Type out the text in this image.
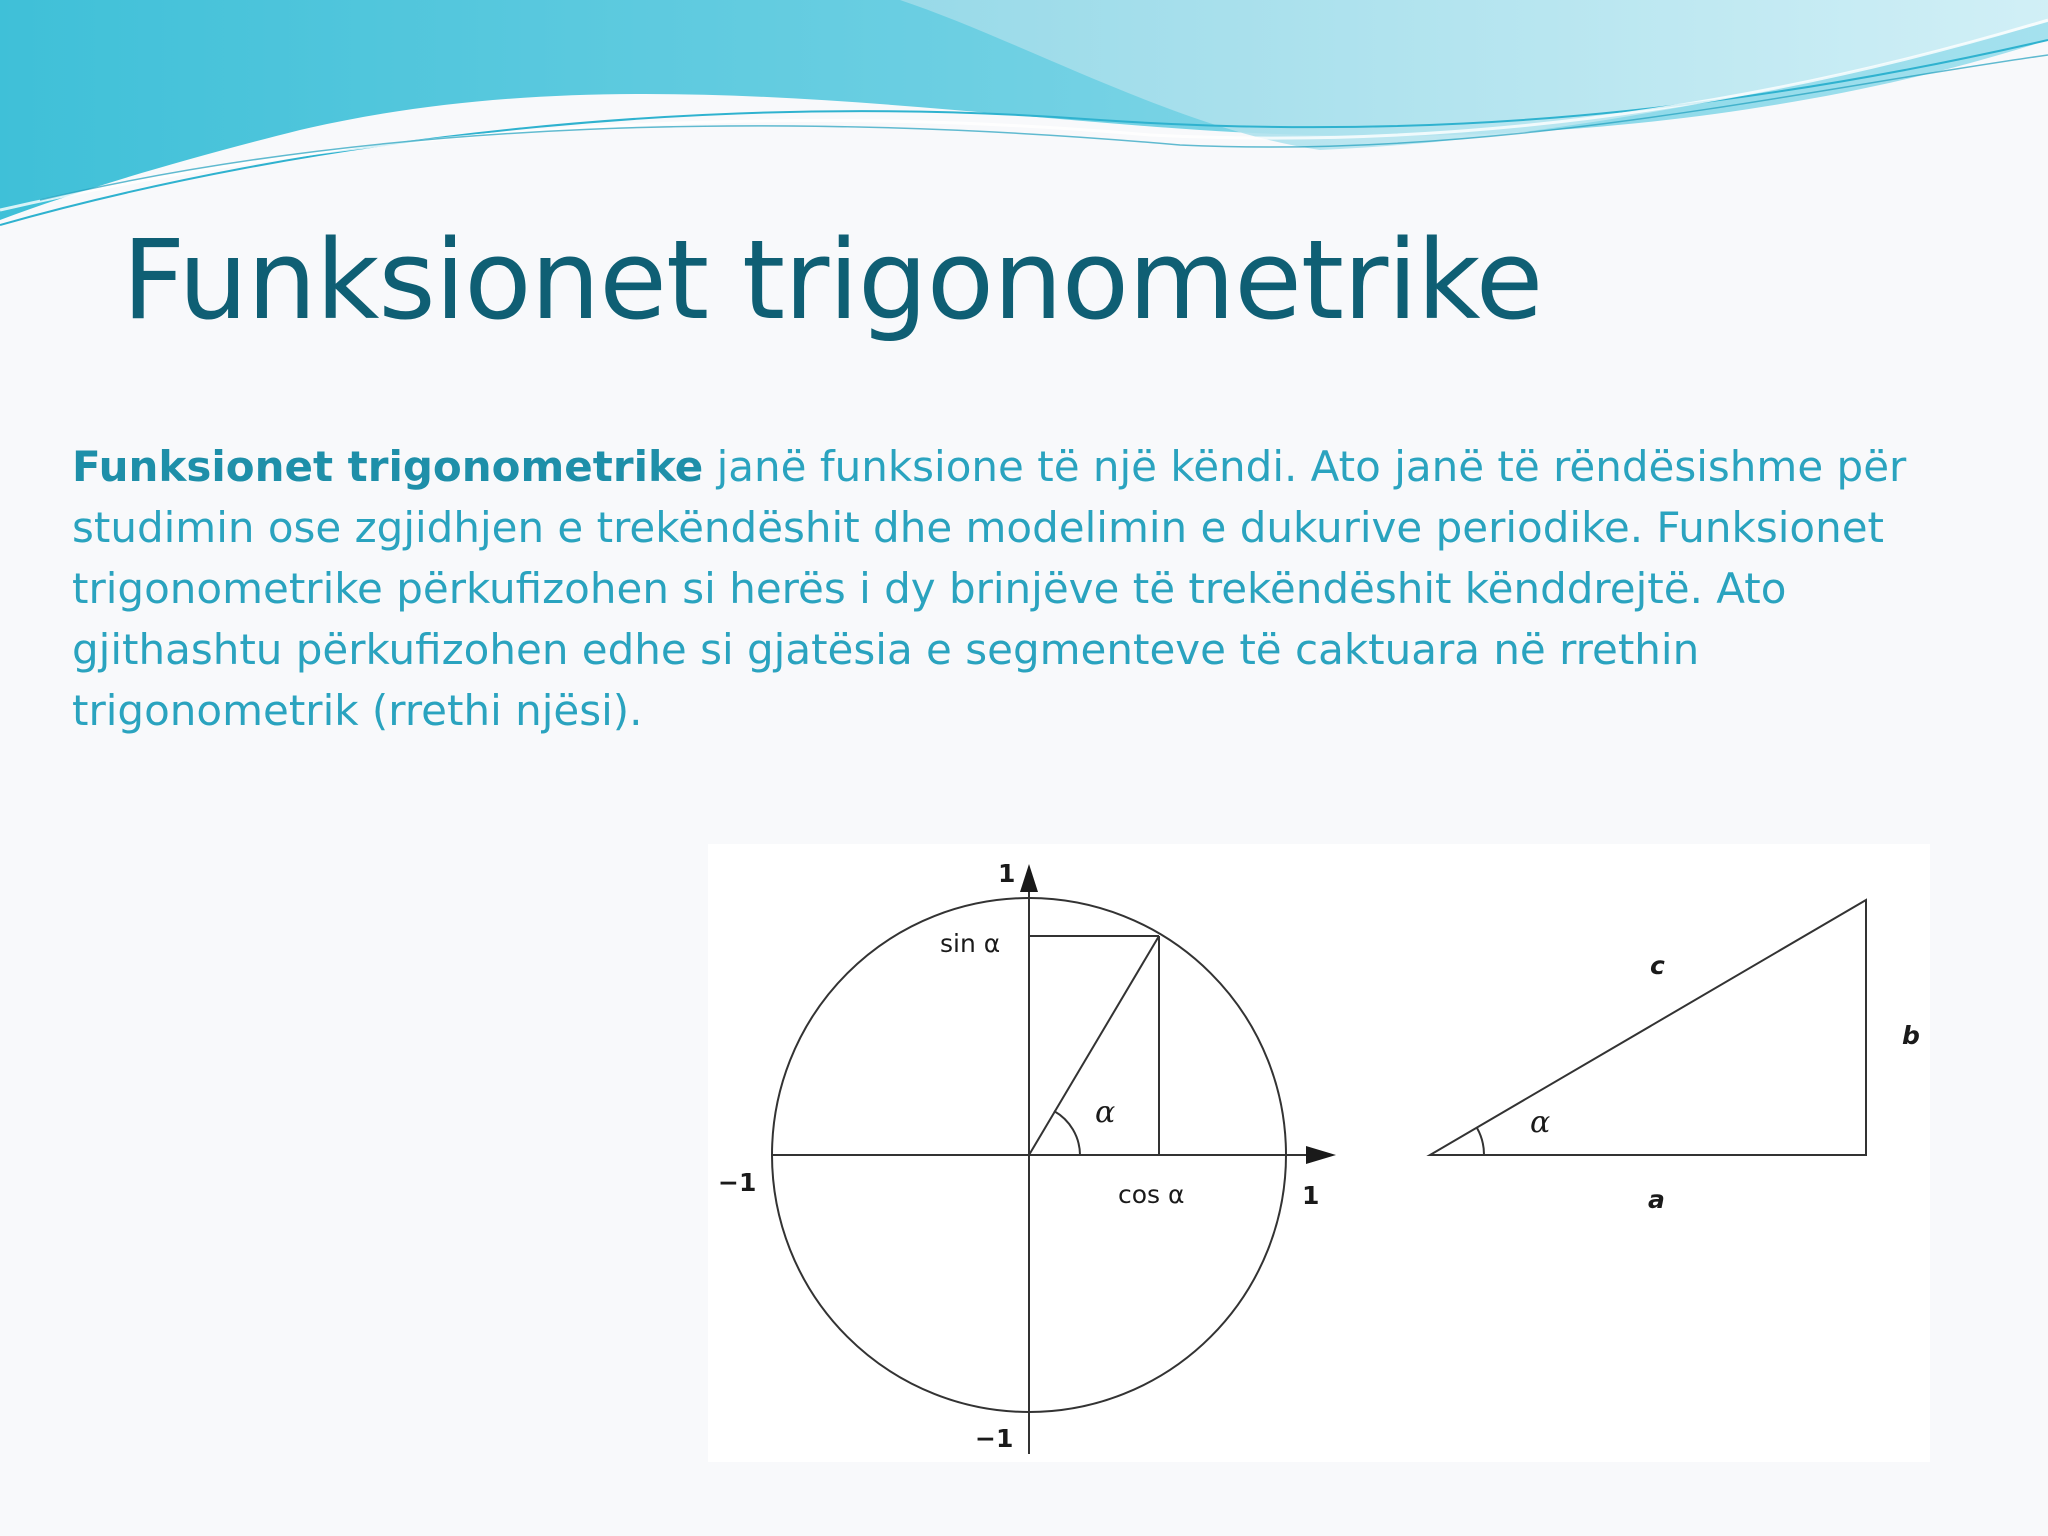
Funksionet trigonometrike

Funksionet trigonometrike janë funksione të një këndi. Ato janë të rëndësishme për studimin ose zgjidhjen e trekëndëshit dhe modelimin e dukurive periodike. Funksionet trigonometrike përkufizohen si herës i dy brinjëve të trekëndëshit kënddrejtë. Ato gjithashtu përkufizohen edhe si gjatësia e segmenteve të caktuara në rrethin trigonometrik (rrethi njësi).

1
−1
−1	1
sin α
cos α
α
c
b
a
α
